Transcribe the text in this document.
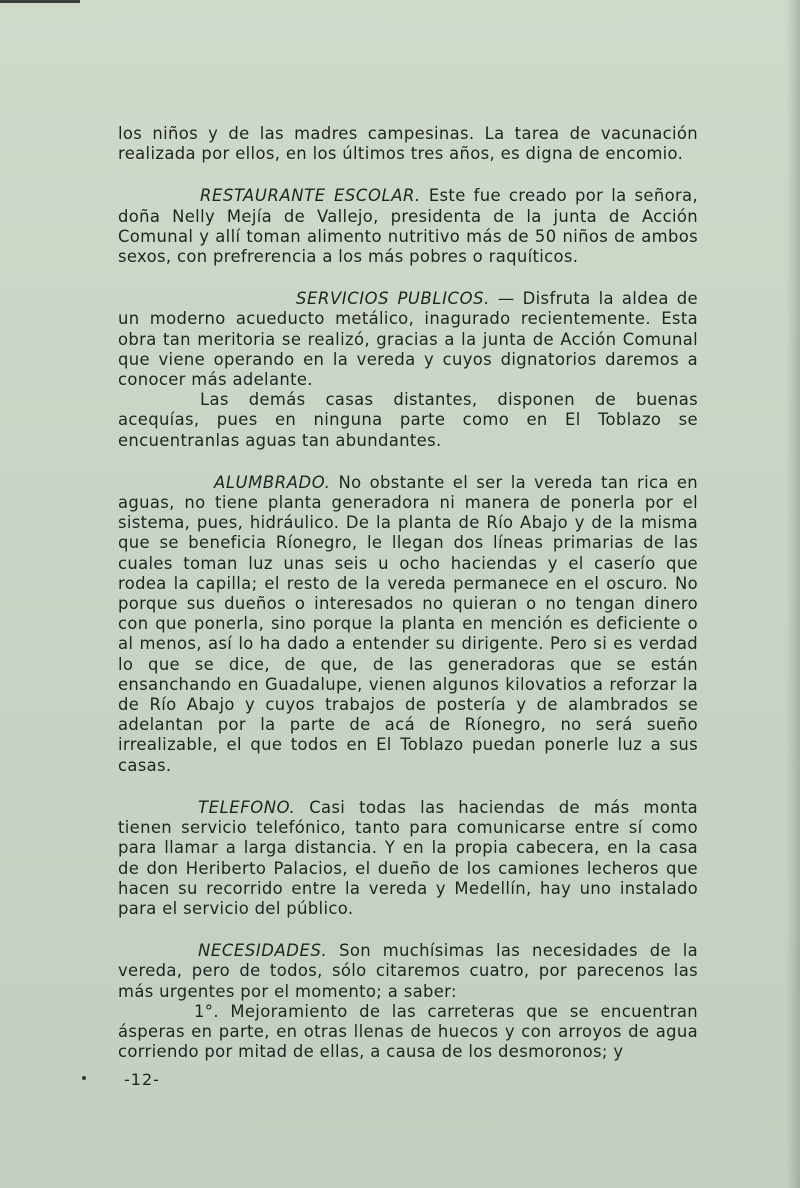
los niños y de las madres campesinas. La tarea de vacunación realizada por ellos, en los últimos tres años, es digna de encomio.

RESTAURANTE ESCOLAR. Este fue creado por la señora, doña Nelly Mejía de Vallejo, presidenta de la junta de Acción Comunal y allí toman alimento nutritivo más de 50 niños de ambos sexos, con prefrerencia a los más pobres o raquíticos.

SERVICIOS PUBLICOS. — Disfruta la aldea de un moderno acueducto metálico, inagurado recientemente. Esta obra tan meritoria se realizó, gracias a la junta de Acción Comunal que viene operando en la vereda y cuyos dignatorios daremos a conocer más adelante.

Las demás casas distantes, disponen de buenas acequías, pues en ninguna parte como en El Toblazo se encuentranlas aguas tan abundantes.

ALUMBRADO. No obstante el ser la vereda tan rica en aguas, no tiene planta generadora ni manera de ponerla por el sistema, pues, hidráulico. De la planta de Río Abajo y de la misma que se beneficia Ríonegro, le llegan dos líneas primarias de las cuales toman luz unas seis u ocho haciendas y el caserío que rodea la capilla; el resto de la vereda permanece en el oscuro. No porque sus dueños o interesados no quieran o no tengan dinero con que ponerla, sino porque la planta en mención es deficiente o al menos, así lo ha dado a entender su dirigente. Pero si es verdad lo que se dice, de que, de las generadoras que se están ensanchando en Guadalupe, vienen algunos kilovatios a reforzar la de Río Abajo y cuyos trabajos de postería y de alambrados se adelantan por la parte de acá de Ríonegro, no será sueño irrealizable, el que todos en El Toblazo puedan ponerle luz a sus casas.

TELEFONO. Casi todas las haciendas de más monta tienen servicio telefónico, tanto para comunicarse entre sí como para llamar a larga distancia. Y en la propia cabecera, en la casa de don Heriberto Palacios, el dueño de los camiones lecheros que hacen su recorrido entre la vereda y Medellín, hay uno instalado para el servicio del público.

NECESIDADES. Son muchísimas las necesidades de la vereda, pero de todos, sólo citaremos cuatro, por parecenos las más urgentes por el momento; a saber:

1°. Mejoramiento de las carreteras que se encuentran ásperas en parte, en otras llenas de huecos y con arroyos de agua corriendo por mitad de ellas, a causa de los desmoronos; y

-12-
